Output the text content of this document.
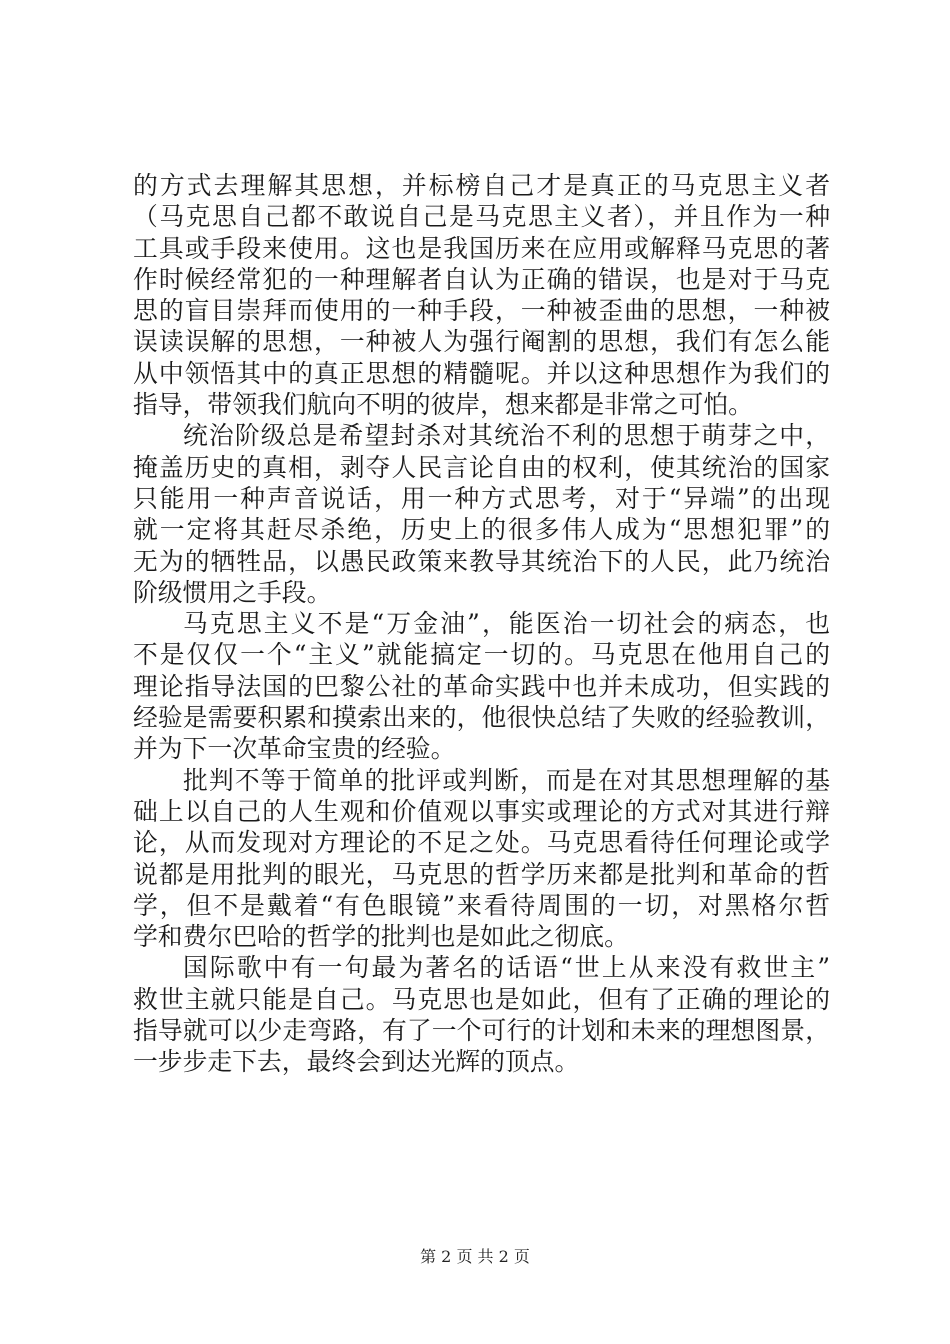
的方式去理解其思想，并标榜自己才是真正的马克思主义者
（马克思自己都不敢说自己是马克思主义者），并且作为一种
工具或手段来使用。这也是我国历来在应用或解释马克思的著
作时候经常犯的一种理解者自认为正确的错误，也是对于马克
思的盲目崇拜而使用的一种手段，一种被歪曲的思想，一种被
误读误解的思想，一种被人为强行阉割的思想，我们有怎么能
从中领悟其中的真正思想的精髓呢。并以这种思想作为我们的
指导，带领我们航向不明的彼岸，想来都是非常之可怕。
统治阶级总是希望封杀对其统治不利的思想于萌芽之中，
掩盖历史的真相，剥夺人民言论自由的权利，使其统治的国家
只能用一种声音说话，用一种方式思考，对于“异端”的出现
就一定将其赶尽杀绝，历史上的很多伟人成为“思想犯罪”的
无为的牺牲品，以愚民政策来教导其统治下的人民，此乃统治
阶级惯用之手段。
马克思主义不是“万金油”，能医治一切社会的病态，也
不是仅仅一个“主义”就能搞定一切的。马克思在他用自己的
理论指导法国的巴黎公社的革命实践中也并未成功，但实践的
经验是需要积累和摸索出来的，他很快总结了失败的经验教训，
并为下一次革命宝贵的经验。
批判不等于简单的批评或判断，而是在对其思想理解的基
础上以自己的人生观和价值观以事实或理论的方式对其进行辩
论，从而发现对方理论的不足之处。马克思看待任何理论或学
说都是用批判的眼光，马克思的哲学历来都是批判和革命的哲
学，但不是戴着“有色眼镜”来看待周围的一切，对黑格尔哲
学和费尔巴哈的哲学的批判也是如此之彻底。
国际歌中有一句最为著名的话语“世上从来没有救世主”
救世主就只能是自己。马克思也是如此，但有了正确的理论的
指导就可以少走弯路，有了一个可行的计划和未来的理想图景，
一步步走下去，最终会到达光辉的顶点。
第 2 页 共 2 页
